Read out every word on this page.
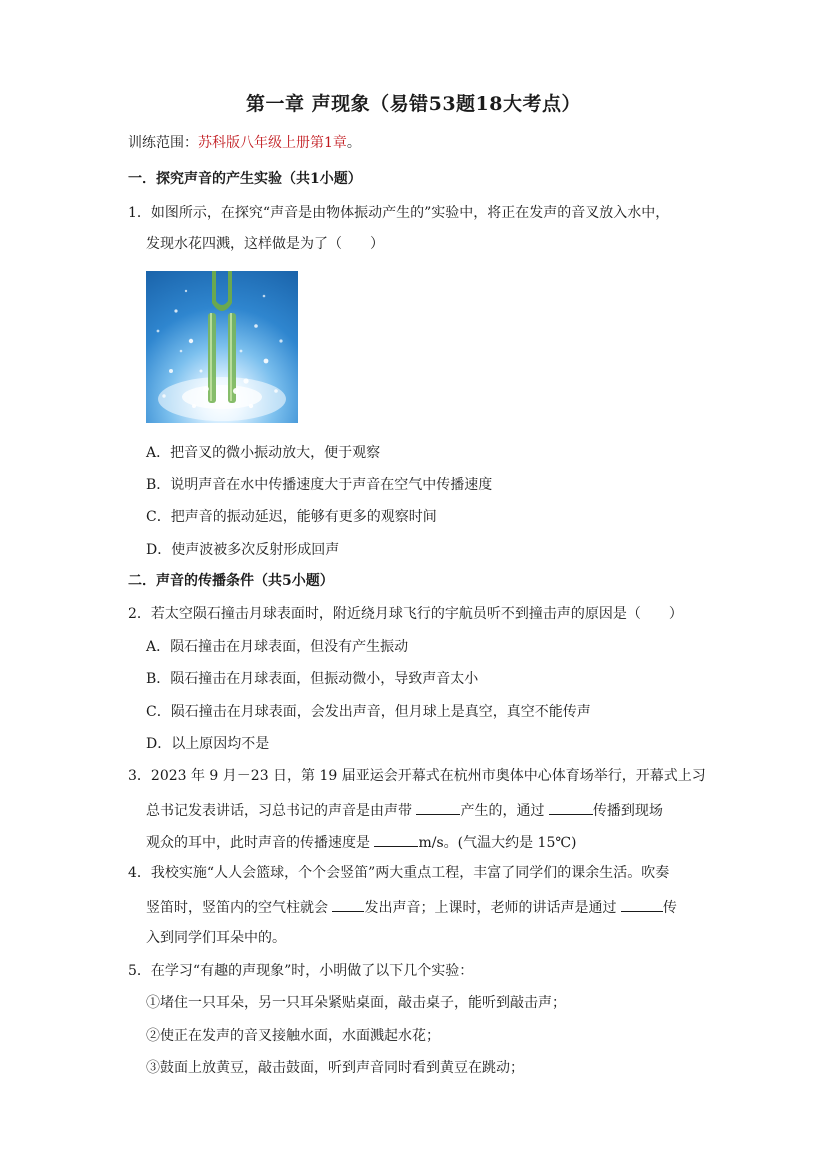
第一章 声现象（易错53题18大考点）
训练范围：苏科版八年级上册第1章。
一．探究声音的产生实验（共1小题）
1．如图所示，在探究“声音是由物体振动产生的”实验中，将正在发声的音叉放入水中，
发现水花四溅，这样做是为了（　　）
A．把音叉的微小振动放大，便于观察
B．说明声音在水中传播速度大于声音在空气中传播速度
C．把声音的振动延迟，能够有更多的观察时间
D．使声波被多次反射形成回声
二．声音的传播条件（共5小题）
2．若太空陨石撞击月球表面时，附近绕月球飞行的宇航员听不到撞击声的原因是（　　）
A．陨石撞击在月球表面，但没有产生振动
B．陨石撞击在月球表面，但振动微小，导致声音太小
C．陨石撞击在月球表面，会发出声音，但月球上是真空，真空不能传声
D．以上原因均不是
3．2023 年 9 月－23 日，第 19 届亚运会开幕式在杭州市奥体中心体育场举行，开幕式上习
总书记发表讲话，习总书记的声音是由声带	产生的，通过	传播到现场
观众的耳中，此时声音的传播速度是	m/s。(气温大约是 15℃)
4．我校实施“人人会篮球，个个会竖笛”两大重点工程，丰富了同学们的课余生活。吹奏
竖笛时，竖笛内的空气柱就会 发出声音；上课时，老师的讲话声是通过	传
入到同学们耳朵中的。
5．在学习“有趣的声现象”时，小明做了以下几个实验：
①堵住一只耳朵，另一只耳朵紧贴桌面，敲击桌子，能听到敲击声；
②使正在发声的音叉接触水面，水面溅起水花；
③鼓面上放黄豆，敲击鼓面，听到声音同时看到黄豆在跳动；
